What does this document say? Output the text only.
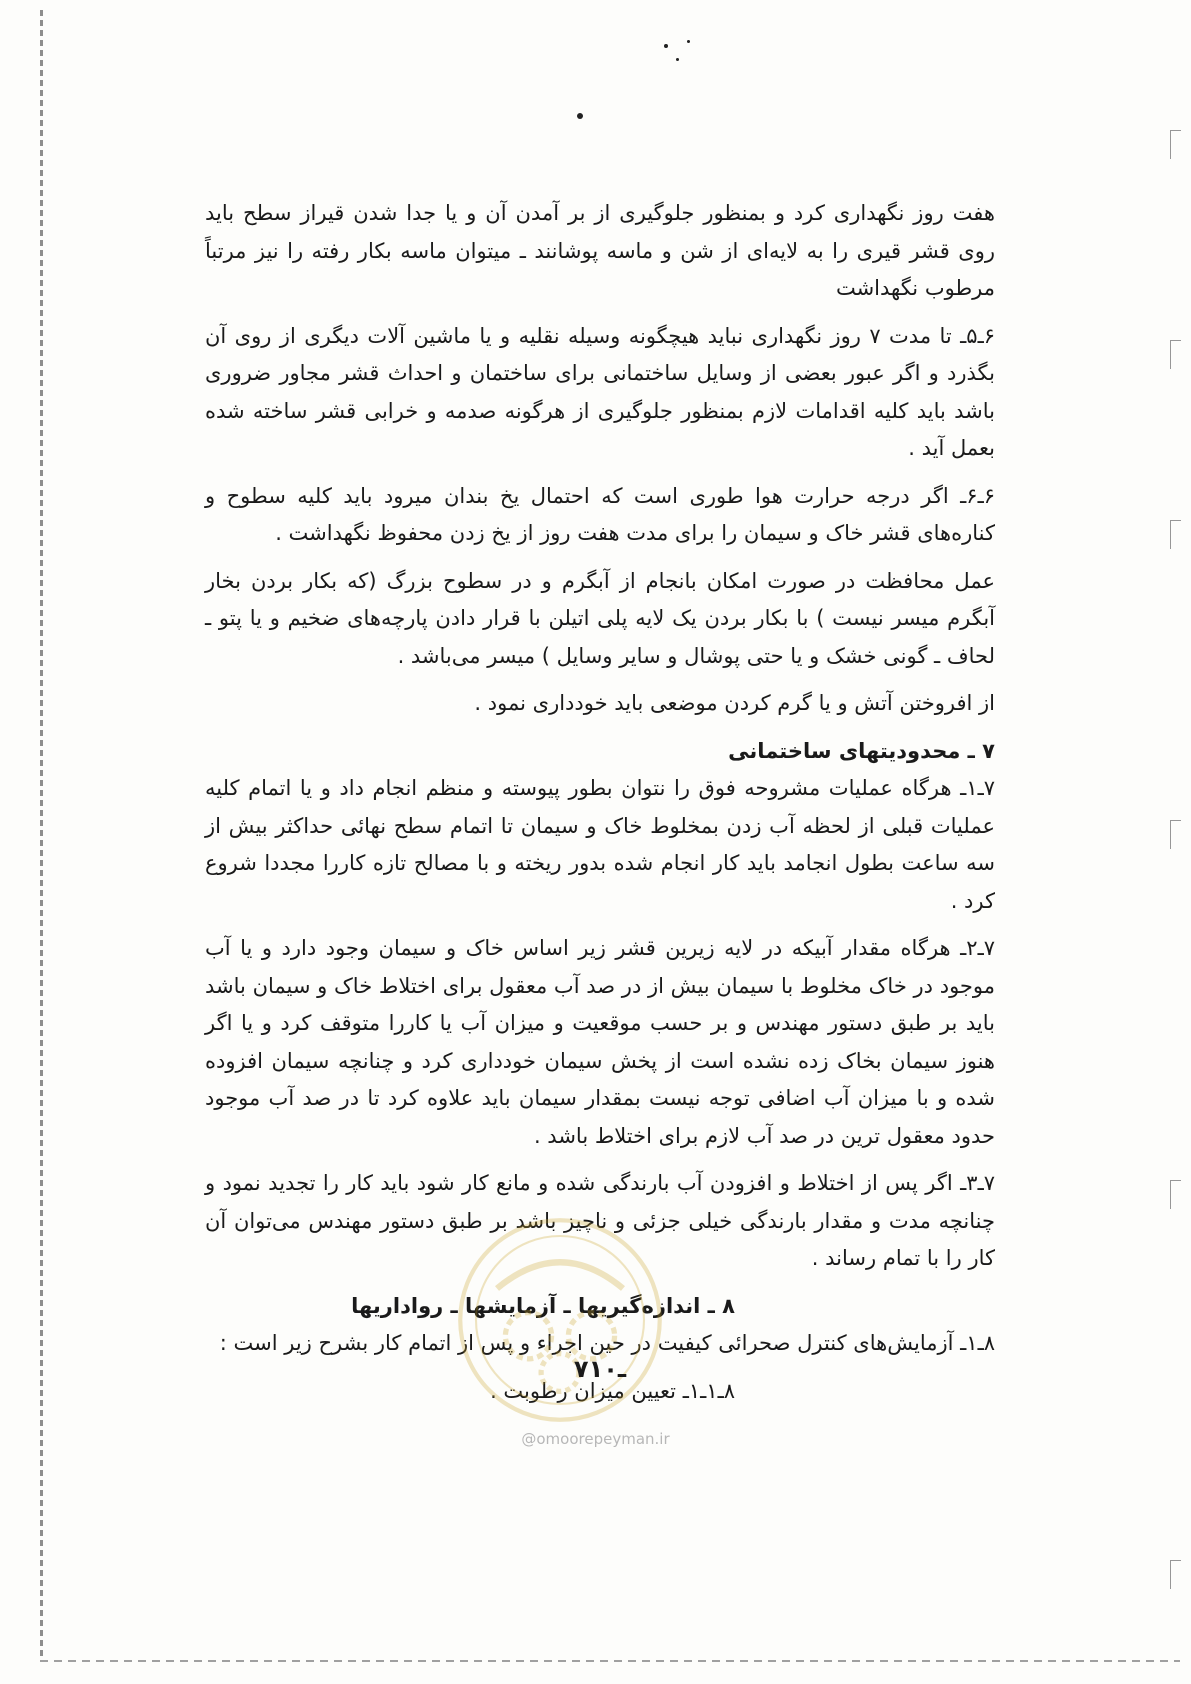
هفت روز نگهداری کرد و بمنظور جلوگیری از بر آمدن آن و یا جدا شدن قیراز سطح باید روی قشر قیری را به لایه‌ای از شن و ماسه پوشانند ـ میتوان ماسه بکار رفته را نیز مرتباً مرطوب نگهداشت

۶ـ۵ـ تا مدت ۷ روز نگهداری نباید هیچگونه وسیله نقلیه و یا ماشین آلات دیگری از روی آن بگذرد و اگر عبور بعضی از وسایل ساختمانی برای ساختمان و احداث قشر مجاور ضروری باشد باید کلیه اقدامات لازم بمنظور جلوگیری از هرگونه صدمه و خرابی قشر ساخته شده بعمل آید .

۶ـ۶ـ اگر درجه حرارت هوا طوری است که احتمال یخ بندان میرود باید کلیه سطوح و کناره‌های قشر خاک و سیمان را برای مدت هفت روز از یخ زدن محفوظ نگهداشت .

عمل محافظت در صورت امکان بانجام از آبگرم و در سطوح بزرگ (که بکار بردن بخار آبگرم میسر نیست ) با بکار بردن یک لایه پلی اتیلن با قرار دادن پارچه‌های ضخیم و یا پتو ـ لحاف ـ گونی خشک و یا حتی پوشال و سایر وسایل ) میسر می‌باشد .

از افروختن آتش و یا گرم کردن موضعی باید خودداری نمود .

۷ ـ محدودیتهای ساختمانی

۷ـ۱ـ هرگاه عملیات مشروحه فوق را نتوان بطور پیوسته و منظم انجام داد و یا اتمام کلیه عملیات قبلی از لحظه آب زدن بمخلوط خاک و سیمان تا اتمام سطح نهائی حداکثر بیش از سه ساعت بطول انجامد باید کار انجام شده بدور ریخته و با مصالح تازه کاررا مجددا شروع کرد .

۷ـ۲ـ هرگاه مقدار آبیکه در لایه زیرین قشر زیر اساس خاک و سیمان وجود دارد و یا آب موجود در خاک مخلوط با سیمان بیش از در صد آب معقول برای اختلاط خاک و سیمان باشد باید بر طبق دستور مهندس و بر حسب موقعیت و میزان آب یا کاررا متوقف کرد و یا اگر هنوز سیمان بخاک زده نشده است از پخش سیمان خودداری کرد و چنانچه سیمان افزوده شده و با میزان آب اضافی توجه نیست بمقدار سیمان باید علاوه کرد تا در صد آب موجود حدود معقول ترین در صد آب لازم برای اختلاط باشد .

۷ـ۳ـ اگر پس از اختلاط و افزودن آب بارندگی شده و مانع کار شود باید کار را تجدید نمود و چنانچه مدت و مقدار بارندگی خیلی جزئی و ناچیز باشد بر طبق دستور مهندس می‌توان آن کار را با تمام رساند .

۸ ـ اندازه‌گیریها ـ آزمایشها ـ رواداریها

۸ـ۱ـ آزمایش‌های کنترل صحرائی کیفیت در حین اجراء و پس از اتمام کار بشرح زیر است :

۸ـ۱ـ۱ـ تعیین میزان رطوبت .

۷ـ۱۰
@omoorepeyman.ir
